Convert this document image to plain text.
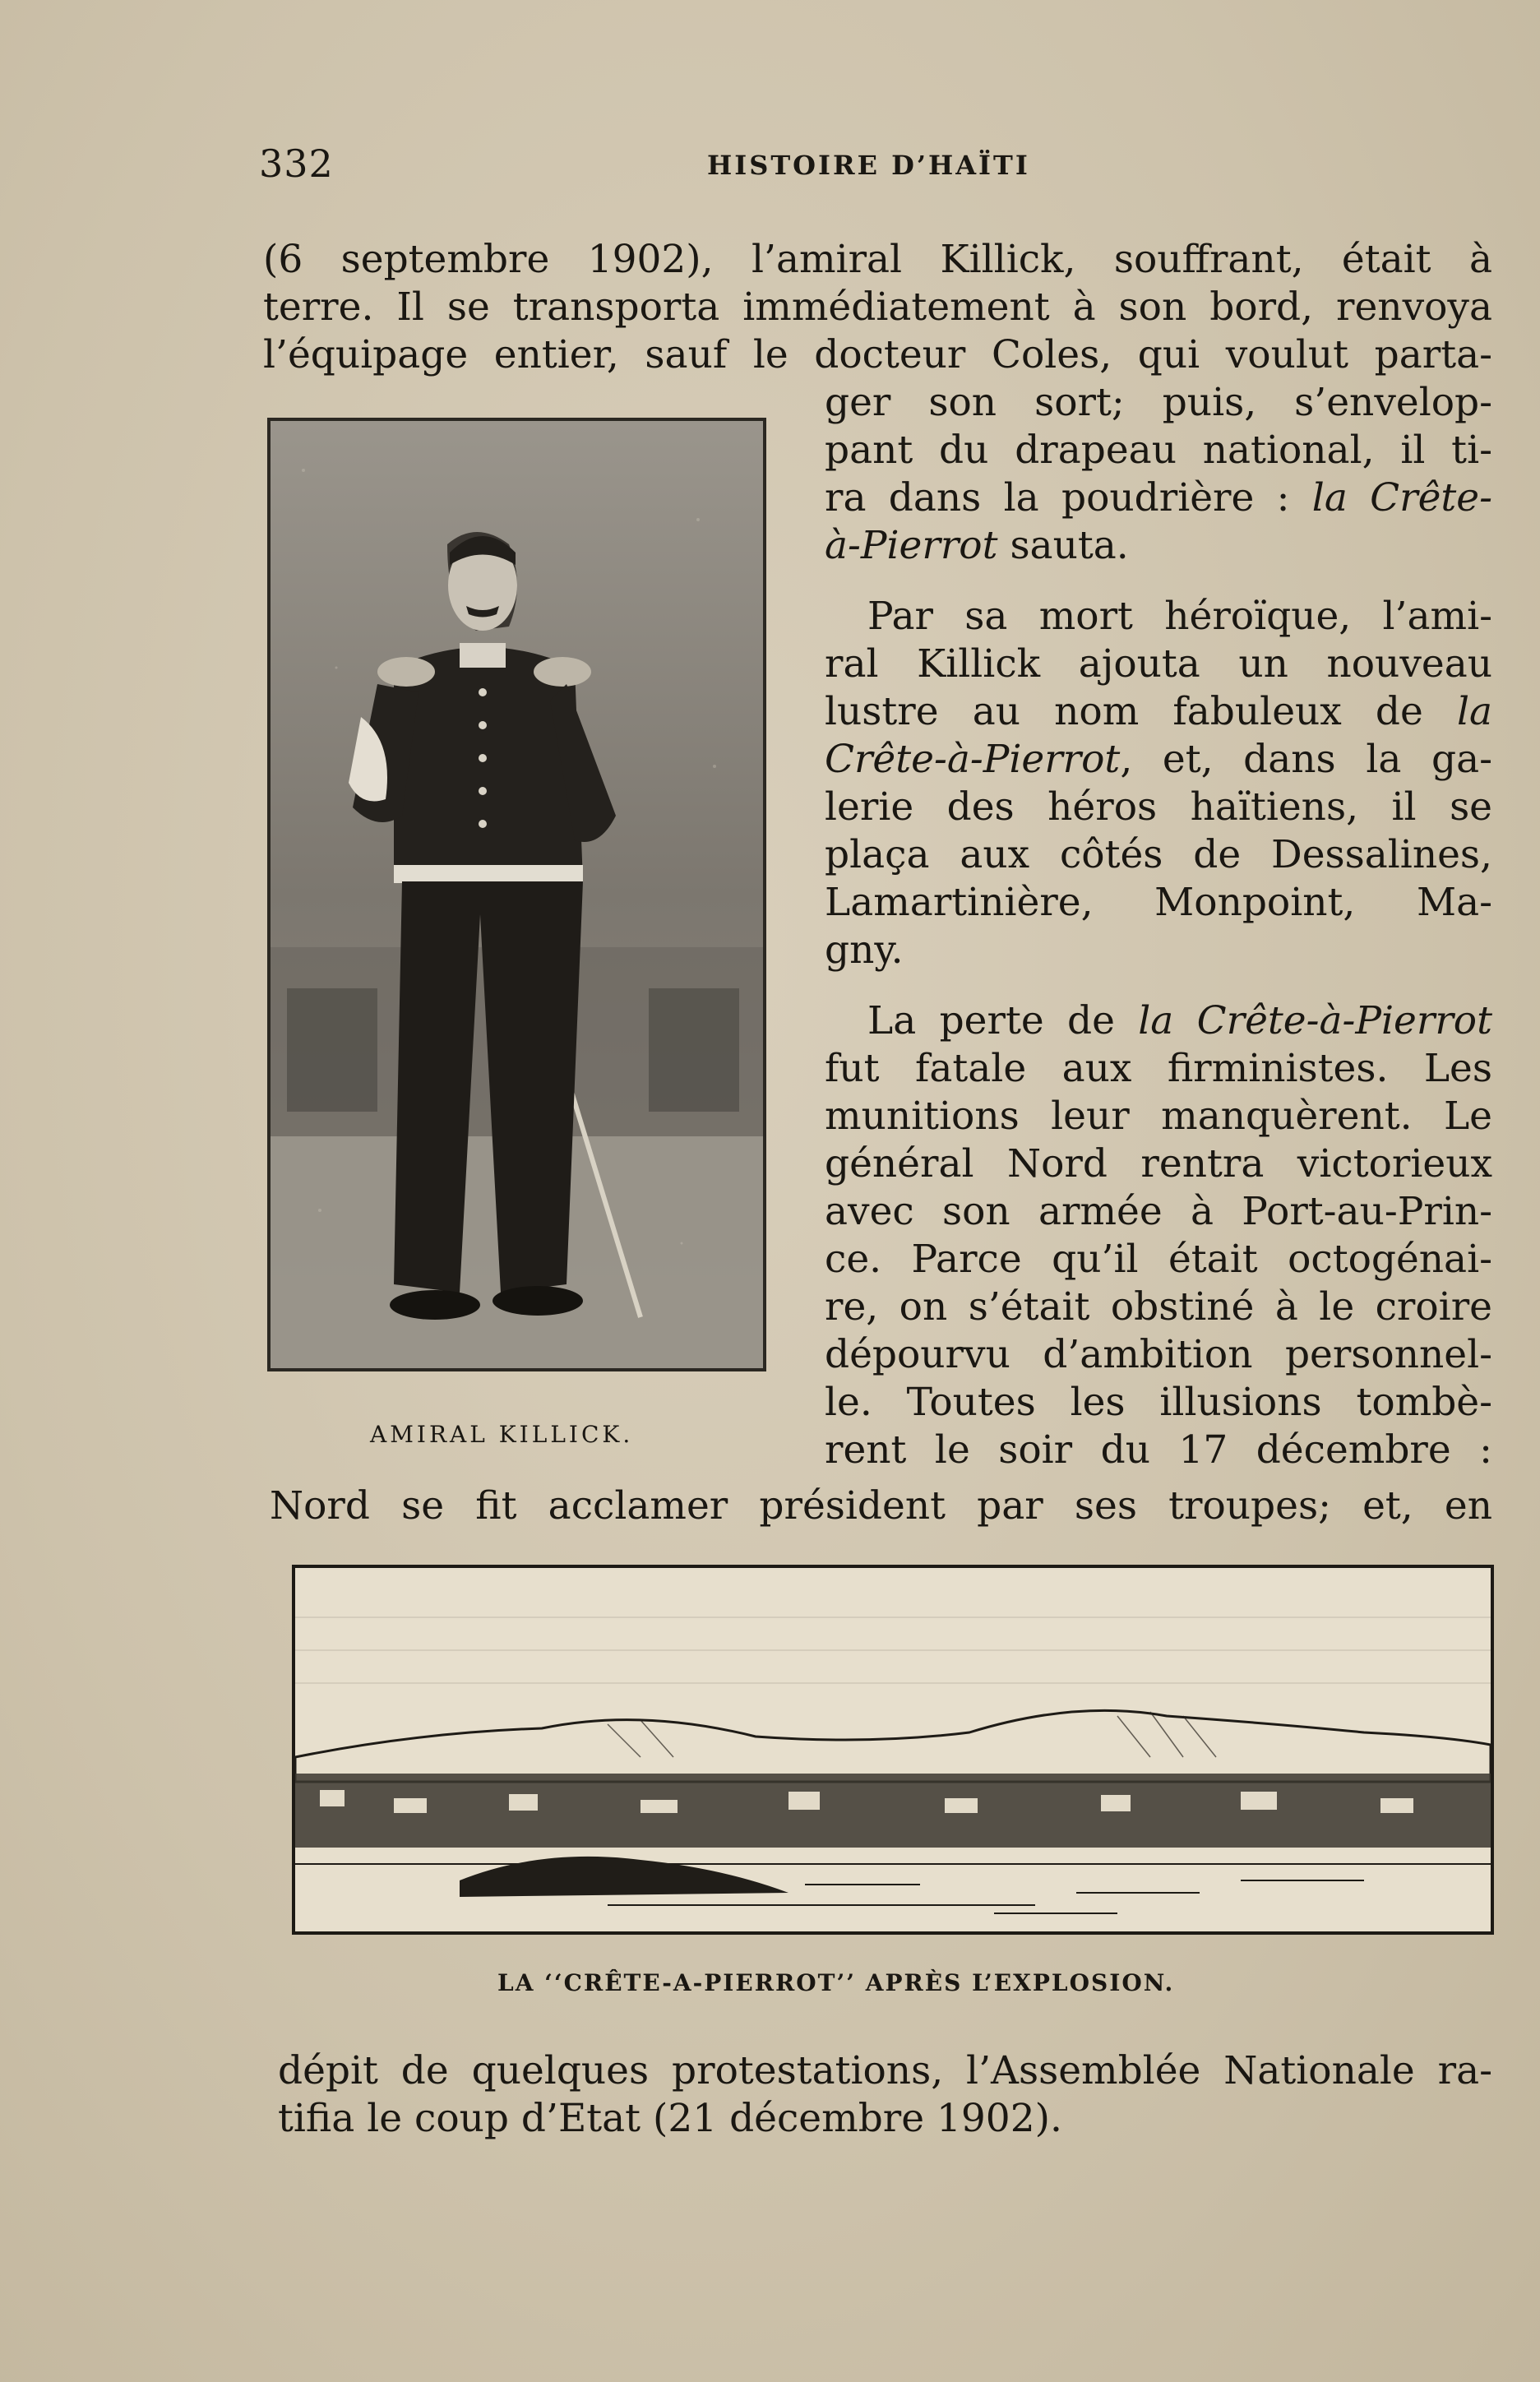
332	HISTOIRE D’HAÏTI
(6 septembre 1902), l’amiral Killick, souffrant, était à
terre. Il se transporta immédiatement à son bord, renvoya
l’équipage entier, sauf le docteur Coles, qui voulut parta-
ger son sort; puis, s’envelop-
pant du drapeau national, il ti-
ra dans la poudrière : la Crête-
à-Pierrot sauta.
Par sa mort héroïque, l’ami-
ral Killick ajouta un nouveau
lustre au nom fabuleux de la
Crête-à-Pierrot, et, dans la ga-
lerie des héros haïtiens, il se
plaça aux côtés de Dessalines,
Lamartinière, Monpoint, Ma-
gny.
La perte de la Crête-à-Pierrot
fut fatale aux firministes. Les
munitions leur manquèrent. Le
général Nord rentra victorieux
avec son armée à Port-au-Prin-
ce. Parce qu’il était octogénai-
re, on s’était obstiné à le croire
dépourvu d’ambition personnel-
le. Toutes les illusions tombè-
rent le soir du 17 décembre :
Nord se fit acclamer président par ses troupes; et, en
AMIRAL KILLICK.
LA ‘‘CRÊTE-A-PIERROT’’ APRÈS L’EXPLOSION.
dépit de quelques protestations, l’Assemblée Nationale ra-
tifia le coup d’Etat (21 décembre 1902).
